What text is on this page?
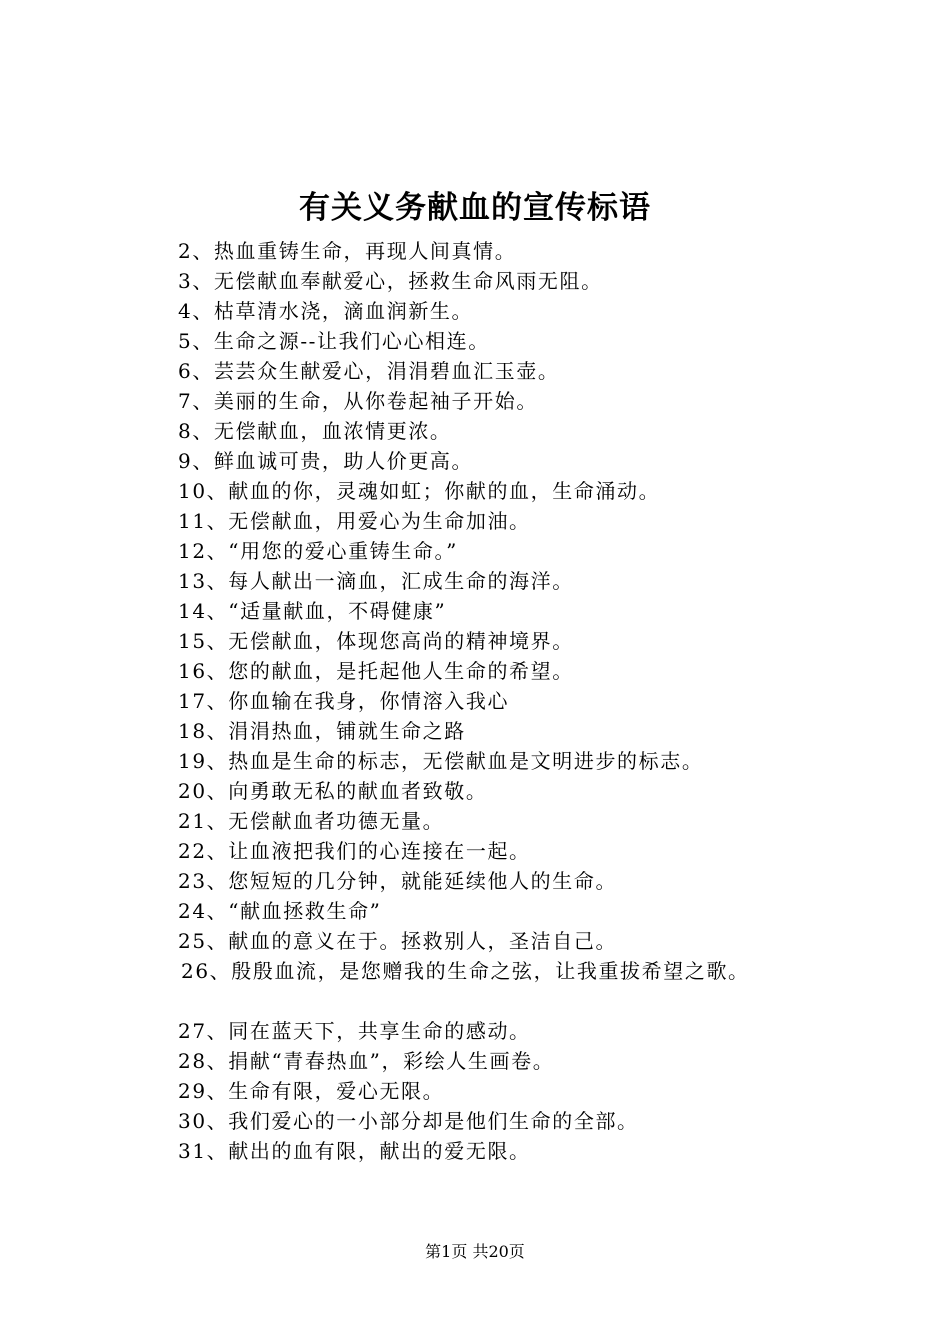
有关义务献血的宣传标语
2、热血重铸生命，再现人间真情。
3、无偿献血奉献爱心，拯救生命风雨无阻。
4、枯草清水浇，滴血润新生。
5、生命之源--让我们心心相连。
6、芸芸众生献爱心，涓涓碧血汇玉壶。
7、美丽的生命，从你卷起袖子开始。
8、无偿献血，血浓情更浓。
9、鲜血诚可贵，助人价更高。
10、献血的你，灵魂如虹；你献的血，生命涌动。
11、无偿献血，用爱心为生命加油。
12、“用您的爱心重铸生命。”
13、每人献出一滴血，汇成生命的海洋。
14、“适量献血，不碍健康”
15、无偿献血，体现您高尚的精神境界。
16、您的献血，是托起他人生命的希望。
17、你血输在我身，你情溶入我心
18、涓涓热血，铺就生命之路
19、热血是生命的标志，无偿献血是文明进步的标志。
20、向勇敢无私的献血者致敬。
21、无偿献血者功德无量。
22、让血液把我们的心连接在一起。
23、您短短的几分钟，就能延续他人的生命。
24、“献血拯救生命”
25、献血的意义在于。拯救别人，圣洁自己。
26、殷殷血流，是您赠我的生命之弦，让我重拔希望之歌。
27、同在蓝天下，共享生命的感动。
28、捐献“青春热血”，彩绘人生画卷。
29、生命有限，爱心无限。
30、我们爱心的一小部分却是他们生命的全部。
31、献出的血有限，献出的爱无限。
第1页 共20页
